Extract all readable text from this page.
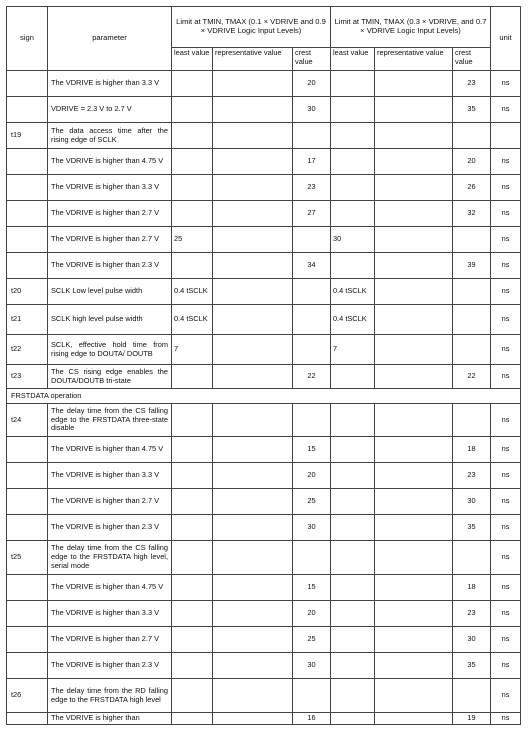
sign	parameter	Limit at TMIN, TMAX (0.1 × VDRIVE and 0.9 × VDRIVE Logic Input Levels)			Limit at TMIN, TMAX (0.3 × VDRIVE, and 0.7 × VDRIVE Logic Input Levels)			unit
		least value	representative value	crest value	least value	representative value	crest value	
	The VDRIVE is higher than 3.3 V			20			23	ns
	VDRIVE = 2.3 V to 2.7 V			30			35	ns
t19	The data access time after the rising edge of SCLK							
	The VDRIVE is higher than 4.75 V			17			20	ns
	The VDRIVE is higher than 3.3 V			23			26	ns
	The VDRIVE is higher than 2.7 V			27			32	ns
	The VDRIVE is higher than 2.7 V	25			30			ns
	The VDRIVE is higher than 2.3 V			34			39	ns
t20	SCLK Low level pulse width	0.4 tSCLK			0.4 tSCLK			ns
t21	SCLK high level pulse width	0.4 tSCLK			0.4 tSCLK			ns
t22	SCLK, effective hold time from rising edge to DOUTA/ DOUTB	7			7			ns
t23	The CS rising edge enables the DOUTA/DOUTB tri-state			22			22	ns
FRSTDATA operation								
t24	The delay time from the CS falling edge to the FRSTDATA three-state disable							ns
	The VDRIVE is higher than 4.75 V			15			18	ns
	The VDRIVE is higher than 3.3 V			20			23	ns
	The VDRIVE is higher than 2.7 V			25			30	ns
	The VDRIVE is higher than 2.3 V			30			35	ns
t25	The delay time from the CS falling edge to the FRSTDATA high level, serial mode							ns
	The VDRIVE is higher than 4.75 V			15			18	ns
	The VDRIVE is higher than 3.3 V			20			23	ns
	The VDRIVE is higher than 2.7 V			25			30	ns
	The VDRIVE is higher than 2.3 V			30			35	ns
t26	The delay time from the RD falling edge to the FRSTDATA high level							ns
	The VDRIVE is higher than			16			19	ns
